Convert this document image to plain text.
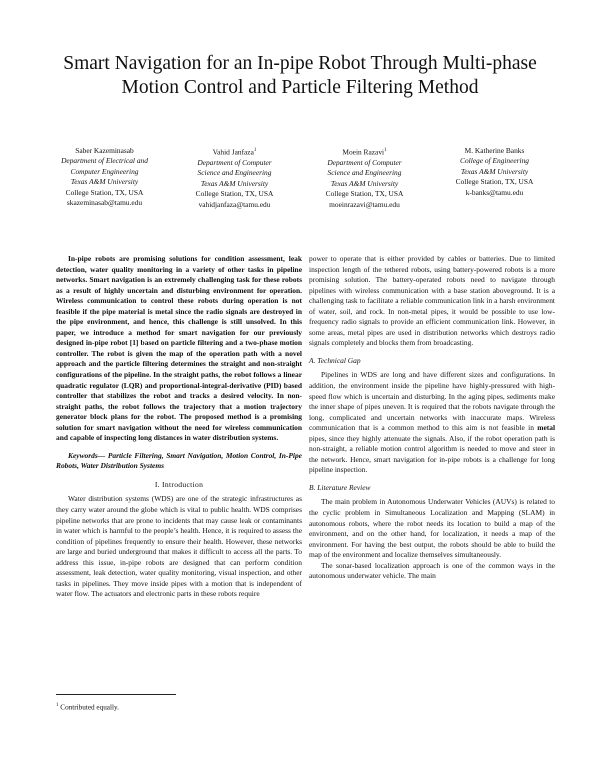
Smart Navigation for an In-pipe Robot Through Multi-phase Motion Control and Particle Filtering Method
Saber Kazeminasab
Department of Electrical and
Computer Engineering
Texas A&M University
College Station, TX, USA
skazeminasab@tamu.edu
Vahid Janfaza$^1$
Department of Computer
Science and Engineering
Texas A&M University
College Station, TX, USA
vahidjanfaza@tamu.edu
Moein Razavi$^1$
Department of Computer
Science and Engineering
Texas A&M University
College Station, TX, USA
moeinrazavi@tamu.edu
M. Katherine Banks
College of Engineering
Texas A&M University
College Station, TX, USA
k-banks@tamu.edu

In-pipe robots are promising solutions for condition assessment, leak detection, water quality monitoring in a variety of other tasks in pipeline networks. Smart navigation is an extremely challenging task for these robots as a result of highly uncertain and disturbing environment for operation. Wireless communication to control these robots during operation is not feasible if the pipe material is metal since the radio signals are destroyed in the pipe environment, and hence, this challenge is still unsolved. In this paper, we introduce a method for smart navigation for our previously designed in-pipe robot [1] based on particle filtering and a two-phase motion controller. The robot is given the map of the operation path with a novel approach and the particle filtering determines the straight and non-straight configurations of the pipeline. In the straight paths, the robot follows a linear quadratic regulator (LQR) and proportional-integral-derivative (PID) based controller that stabilizes the robot and tracks a desired velocity. In non-straight paths, the robot follows the trajectory that a motion trajectory generator block plans for the robot. The proposed method is a promising solution for smart navigation without the need for wireless communication and capable of inspecting long distances in water distribution systems.

Keywords— Particle Filtering, Smart Navigation, Motion Control, In-Pipe Robots, Water Distribution Systems

I. Introduction

Water distribution systems (WDS) are one of the strategic infrastructures as they carry water around the globe which is vital to public health. WDS comprises pipeline networks that are prone to incidents that may cause leak or contaminants in water which is harmful to the people’s health. Hence, it is required to assess the condition of pipelines frequently to ensure their health. However, these networks are large and buried underground that makes it difficult to access all the parts. To address this issue, in-pipe robots are designed that can perform condition assessment, leak detection, water quality monitoring, visual inspection, and other tasks in pipelines. They move inside pipes with a motion that is independent of water flow. The actuators and electronic parts in these robots require

power to operate that is either provided by cables or batteries. Due to limited inspection length of the tethered robots, using battery-powered robots is a more promising solution. The battery-operated robots need to navigate through pipelines with wireless communication with a base station aboveground. It is a challenging task to facilitate a reliable communication link in a harsh environment of water, soil, and rock. In non-metal pipes, it would be possible to use low-frequency radio signals to provide an efficient communication link. However, in some areas, metal pipes are used in distribution networks which destroys radio signals completely and blocks them from broadcasting.

A. Technical Gap

Pipelines in WDS are long and have different sizes and configurations. In addition, the environment inside the pipeline have highly-pressured with high-speed flow which is uncertain and disturbing. In the aging pipes, sediments make the inner shape of pipes uneven. It is required that the robots navigate through the long, complicated and uncertain networks with inaccurate maps. Wireless communication that is a common method to this aim is not feasible in metal pipes, since they highly attenuate the signals. Also, if the robot operation path is non-straight, a reliable motion control algorithm is needed to move and steer in the network. Hence, smart navigation for in-pipe robots is a challenge for long pipeline inspection.

B. Literature Review

The main problem in Autonomous Underwater Vehicles (AUVs) is related to the cyclic problem in Simultaneous Localization and Mapping (SLAM) in autonomous robots, where the robot needs its location to build a map of the environment, and on the other hand, for localization, it needs a map of the environment. For having the best output, the robots should be able to build the map of the environment and localize themselves simultaneously.

The sonar-based localization approach is one of the common ways in the autonomous underwater vehicle. The main

$^1$ Contributed equally.
